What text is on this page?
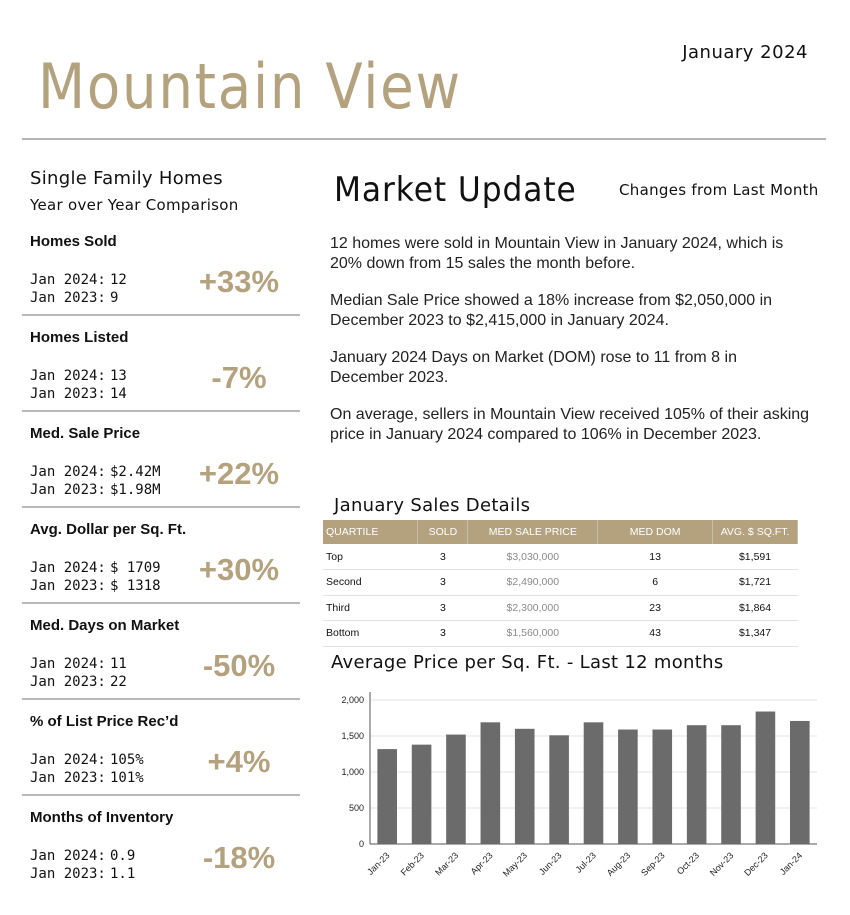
January 2024
Mountain View
Single Family Homes
Year over Year Comparison
Homes Sold
Jan 2024: 12
Jan 2023: 9	+33%
Homes Listed
Jan 2024: 13
Jan 2023: 14	-7%
Med. Sale Price
Jan 2024: $2.42M
Jan 2023: $1.98M +22%
Avg. Dollar per Sq. Ft.
Jan 2024: $ 1709
Jan 2023: $ 1318 +30%
Med. Days on Market
Jan 2024: 11
Jan 2023: 22 -50%
% of List Price Rec’d
Jan 2024: 105%
Jan 2023: 101%	+4%
Months of Inventory
Jan 2024: 0.9
Jan 2023: 1.1 -18%
Market Update	Changes from Last Month

12 homes were sold in Mountain View in January 2024, which is 20% down from 15 sales the month before.

Median Sale Price showed a 18% increase from $2,050,000 in December 2023 to $2,415,000 in January 2024.

January 2024 Days on Market (DOM) rose to 11 from 8 in December 2023.

On average, sellers in Mountain View received 105% of their asking price in January 2024 compared to 106% in December 2023.

January Sales Details
QUARTILE	SOLD	MED SALE PRICE	MED DOM	AVG. $ SQ.FT.
Top	3	$3,030,000	13	$1,591
Second	3	$2,490,000	6	$1,721
Third	3	$2,300,000	23	$1,864
Bottom	3	$1,560,000	43	$1,347
Average Price per Sq. Ft. - Last 12 months
0
500
1,000
1,500
2,000
Jan-23 Feb-23 Mar-23 Apr-23 May-23 Jun-23 Jul-23 Aug-23 Sep-23 Oct-23 Nov-23 Dec-23 Jan-24
